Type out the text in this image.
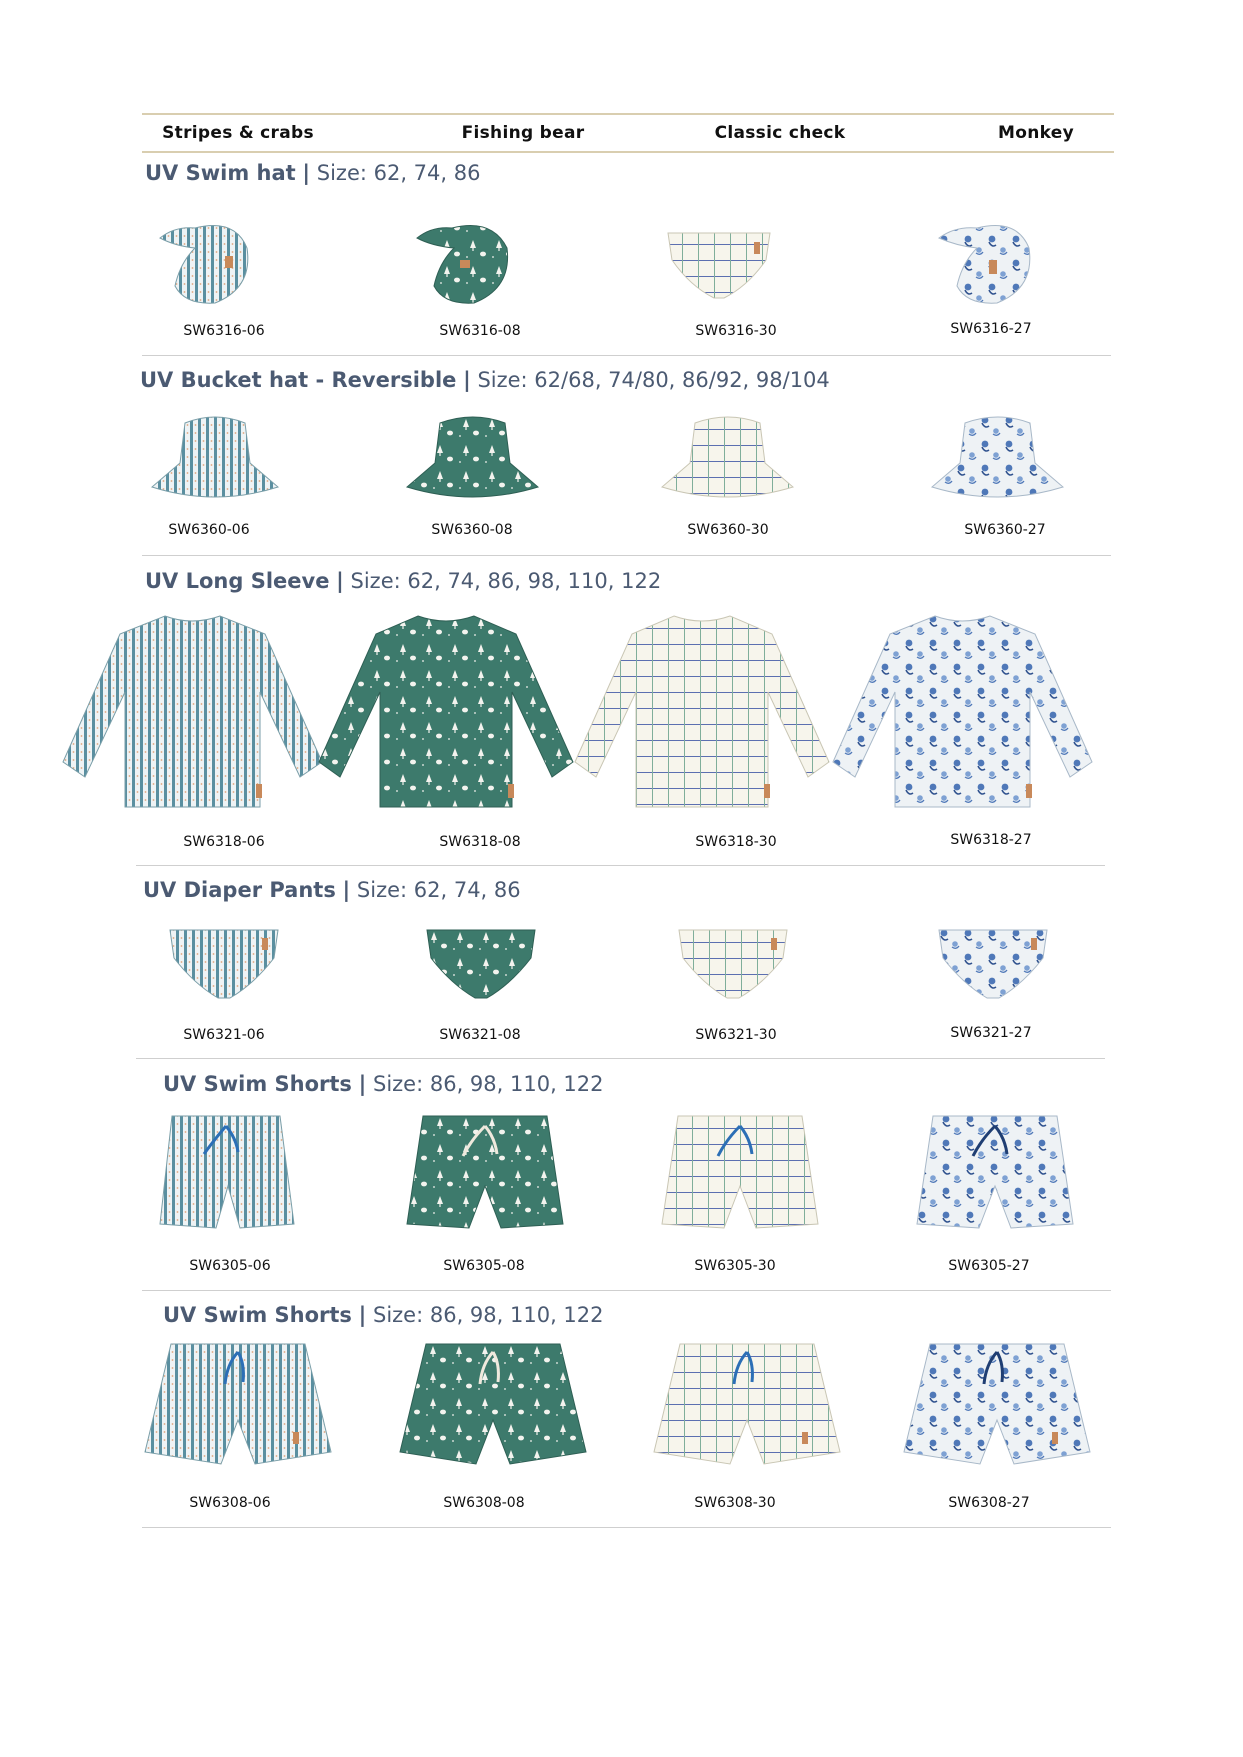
Stripes & crabs	Fishing bear	Classic check	Monkey
UV Swim hat | Size: 62, 74, 86
SW6316-06	SW6316-08	SW6316-30	SW6316-27
UV Bucket hat - Reversible | Size: 62/68, 74/80, 86/92, 98/104
SW6360-06	SW6360-08	SW6360-30	SW6360-27
UV Long Sleeve | Size: 62, 74, 86, 98, 110, 122
SW6318-06	SW6318-08	SW6318-30	SW6318-27
UV Diaper Pants | Size: 62, 74, 86
SW6321-06	SW6321-08	SW6321-30	SW6321-27
UV Swim Shorts | Size: 86, 98, 110, 122
SW6305-06	SW6305-08	SW6305-30	SW6305-27
UV Swim Shorts | Size: 86, 98, 110, 122
SW6308-06	SW6308-08	SW6308-30	SW6308-27
